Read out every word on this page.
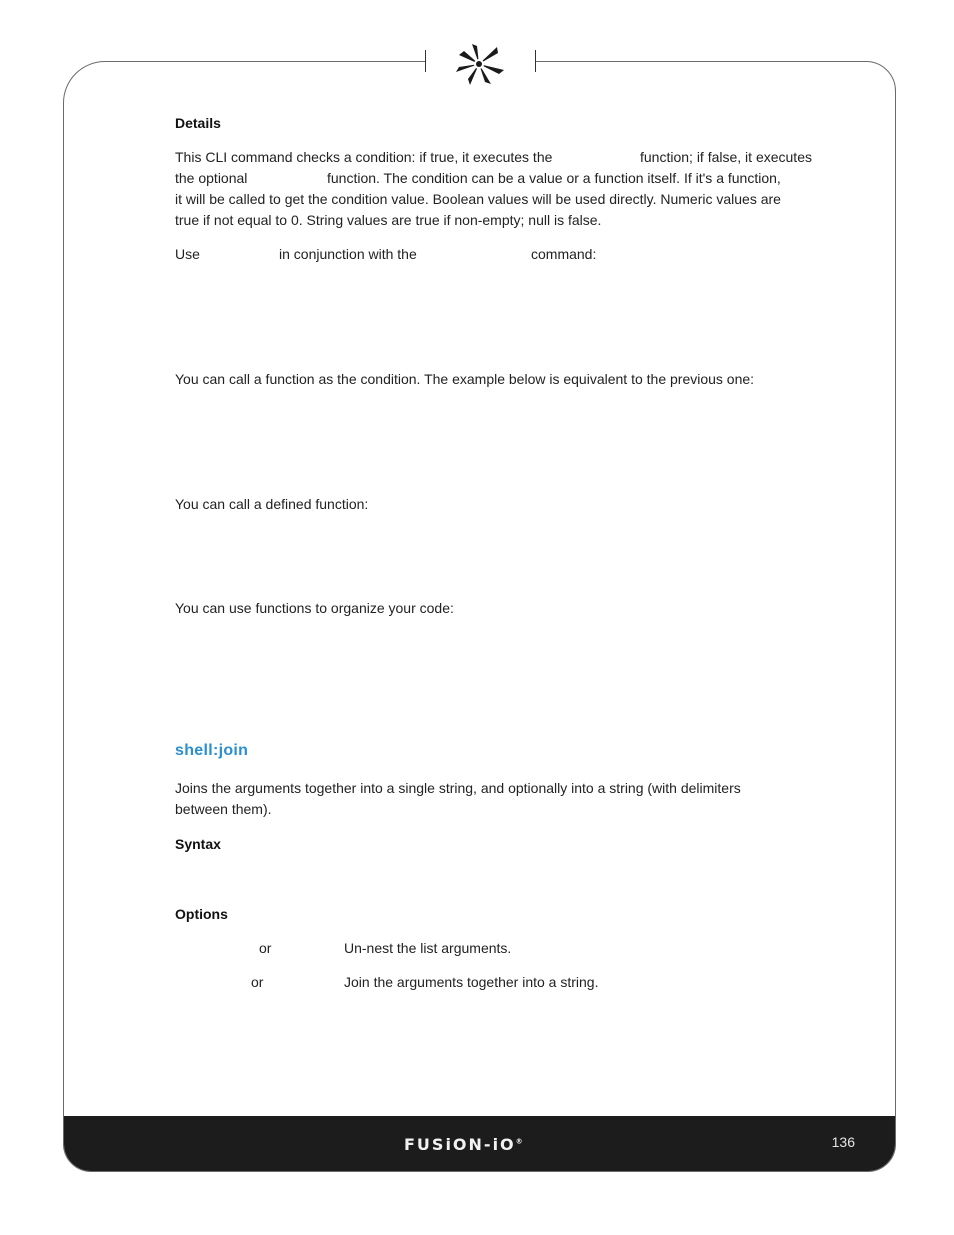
FUSiON-iO®	136

Details

This CLI command checks a condition: if true, it executes the	function; if false, it executes
the optional	function. The condition can be a value or a function itself. If it's a function,
it will be called to get the condition value. Boolean values will be used directly. Numeric values are
true if not equal to 0. String values are true if non-empty; null is false.
Use	in conjunction with the	command:
You can call a function as the condition. The example below is equivalent to the previous one:
You can call a defined function:
You can use functions to organize your code:
shell:join
Joins the arguments together into a single string, and optionally into a string (with delimiters
between them).

Syntax

Options

or	Un-nest the list arguments.
or	Join the arguments together into a string.
